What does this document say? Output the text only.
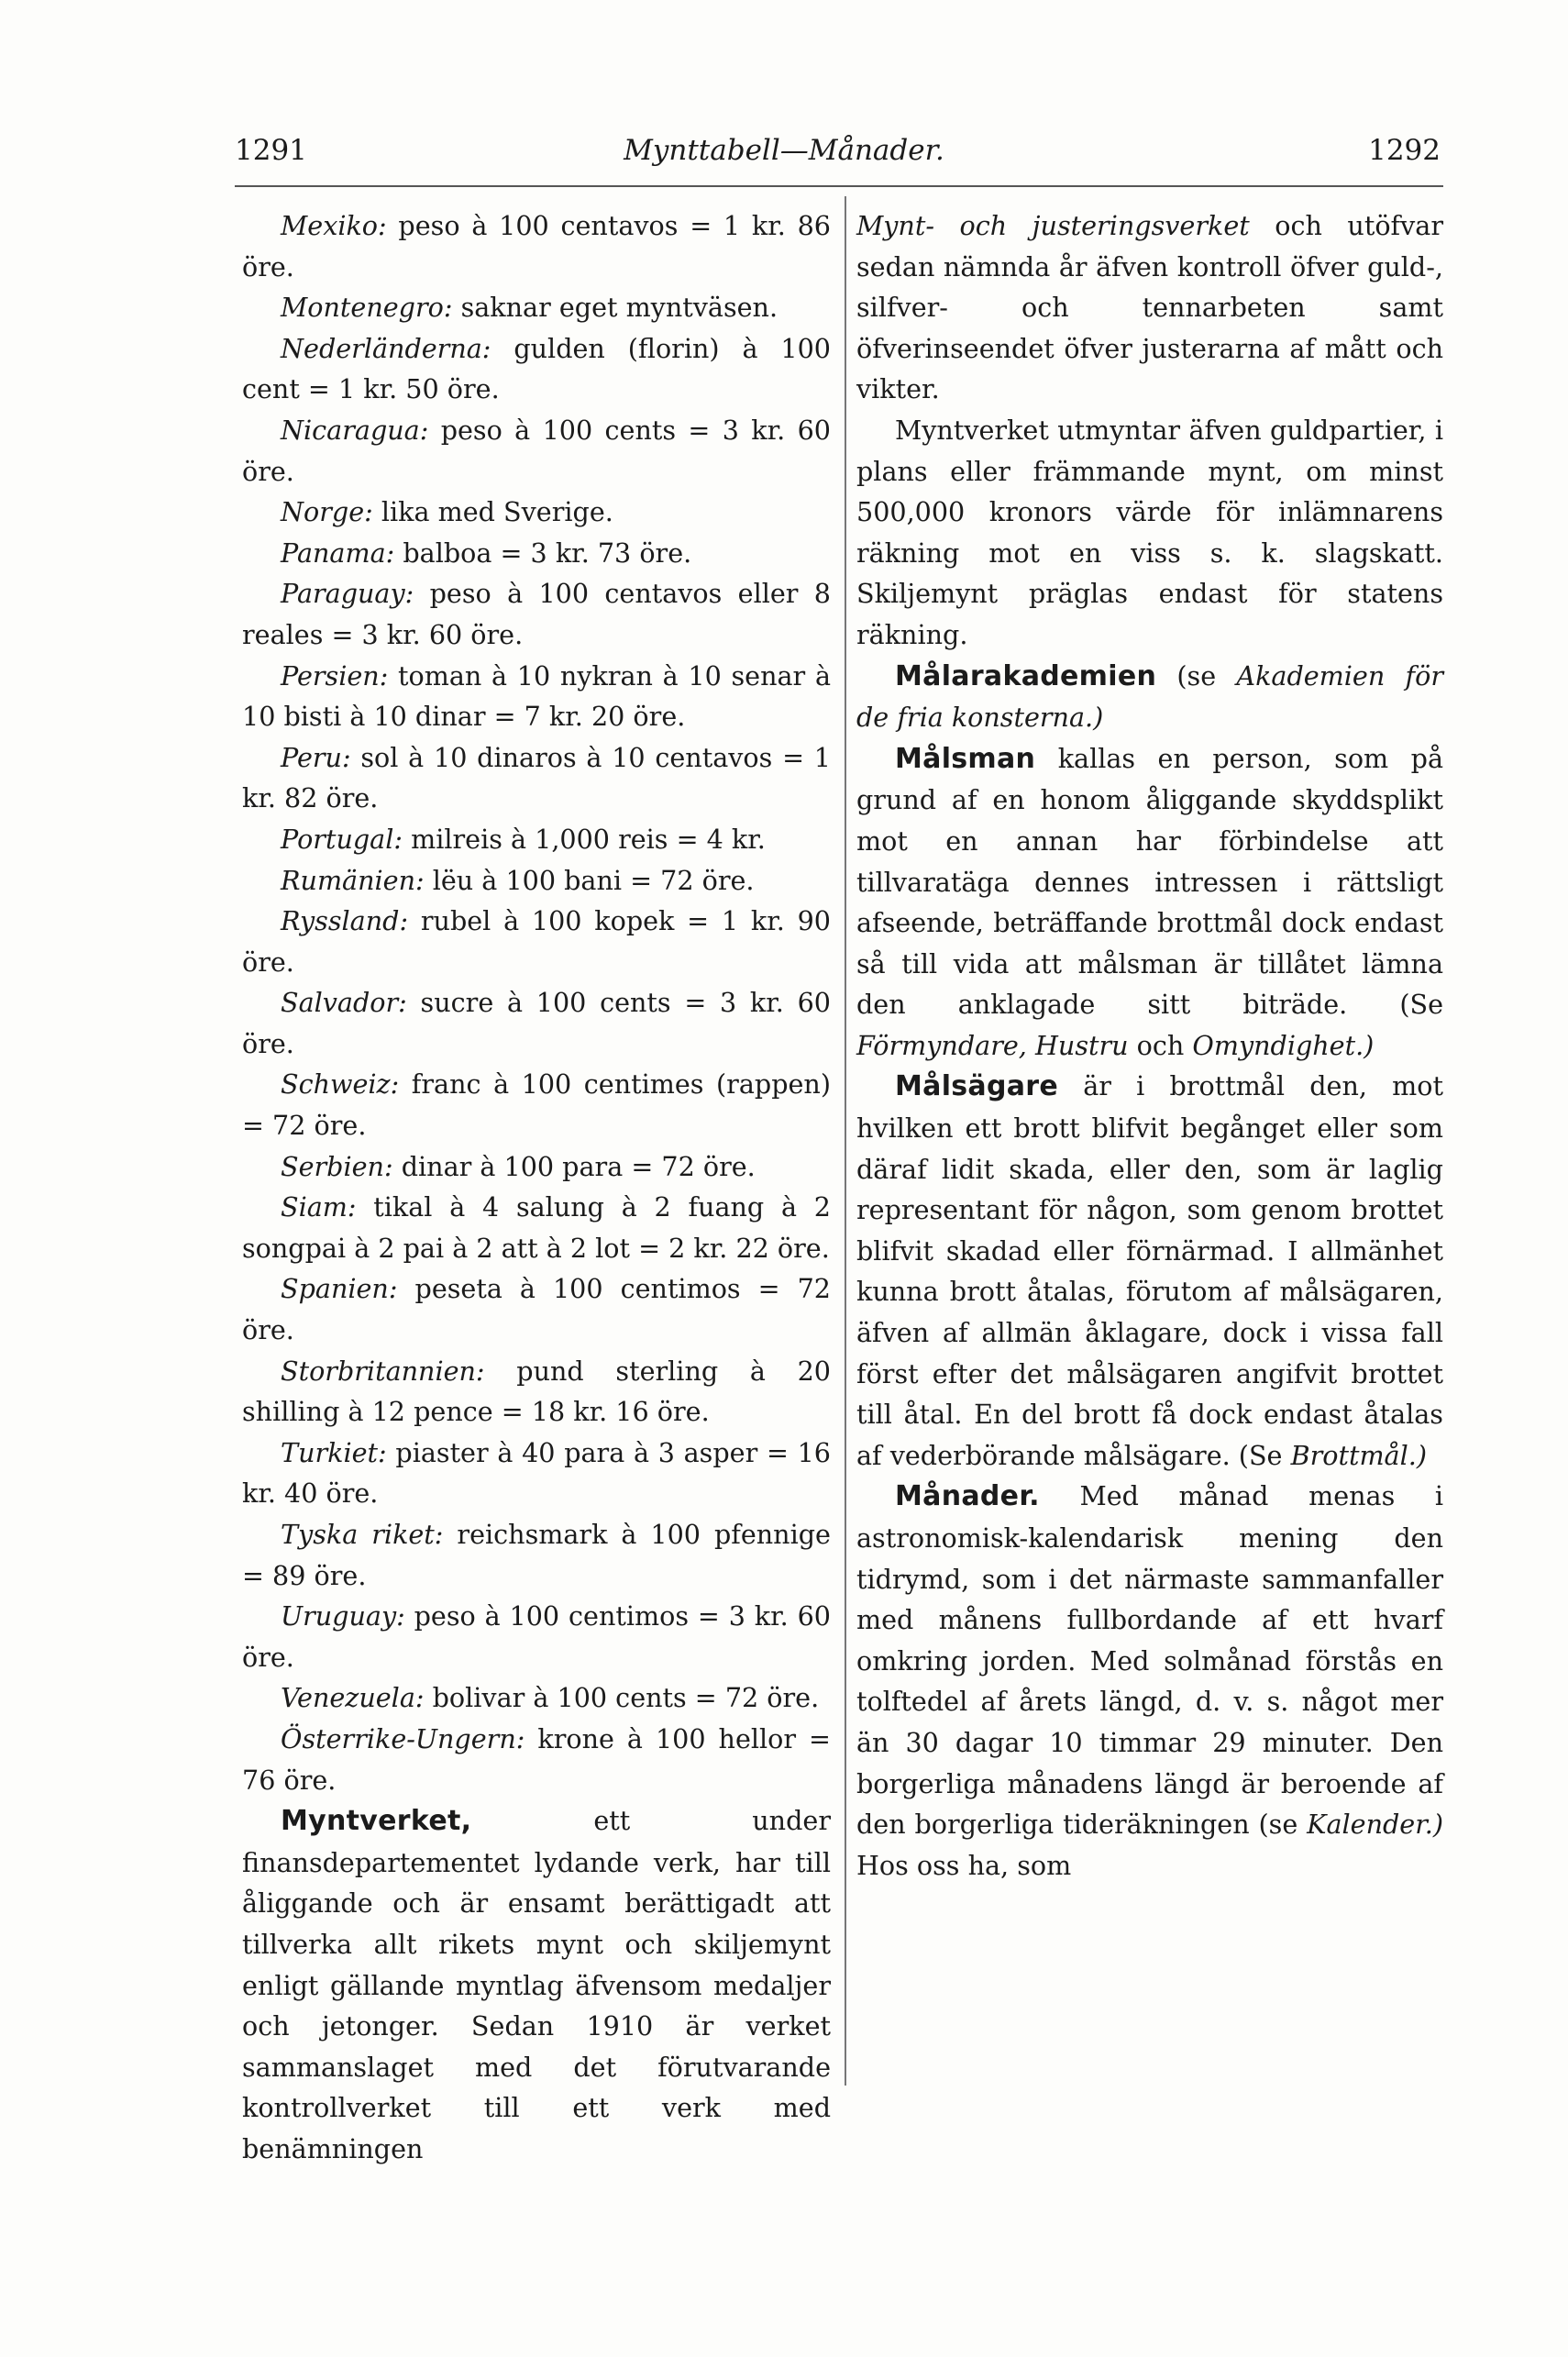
1291	Mynttabell—Månader.	1292

Mexiko: peso à 100 centavos = 1 kr. 86 öre.

Montenegro: saknar eget myntväsen.

Nederländerna: gulden (florin) à 100 cent = 1 kr. 50 öre.

Nicaragua: peso à 100 cents = 3 kr. 60 öre.

Norge: lika med Sverige.

Panama: balboa = 3 kr. 73 öre.

Paraguay: peso à 100 centavos eller 8 reales = 3 kr. 60 öre.

Persien: toman à 10 nykran à 10 senar à 10 bisti à 10 dinar = 7 kr. 20 öre.

Peru: sol à 10 dinaros à 10 centavos = 1 kr. 82 öre.

Portugal: milreis à 1,000 reis = 4 kr.

Rumänien: lëu à 100 bani = 72 öre.

Ryssland: rubel à 100 kopek = 1 kr. 90 öre.

Salvador: sucre à 100 cents = 3 kr. 60 öre.

Schweiz: franc à 100 centimes (rappen) = 72 öre.

Serbien: dinar à 100 para = 72 öre.

Siam: tikal à 4 salung à 2 fuang à 2 songpai à 2 pai à 2 att à 2 lot = 2 kr. 22 öre.

Spanien: peseta à 100 centimos = 72 öre.

Storbritannien: pund sterling à 20 shilling à 12 pence = 18 kr. 16 öre.

Turkiet: piaster à 40 para à 3 asper = 16 kr. 40 öre.

Tyska riket: reichsmark à 100 pfennige = 89 öre.

Uruguay: peso à 100 centimos = 3 kr. 60 öre.

Venezuela: bolivar à 100 cents = 72 öre.

Österrike-Ungern: krone à 100 hellor = 76 öre.

Myntverket, ett under finansdepartementet lydande verk, har till åliggande och är ensamt berättigadt att tillverka allt rikets mynt och skiljemynt enligt gällande myntlag äfvensom medaljer och jetonger. Sedan 1910 är verket sammanslaget med det förutvarande kontrollverket till ett verk med benämningen

Mynt- och justeringsverket och utöfvar sedan nämnda år äfven kontroll öfver guld-, silfver- och tennarbeten samt öfverinseendet öfver justerarna af mått och vikter.

Myntverket utmyntar äfven guldpartier, i plans eller främmande mynt, om minst 500,000 kronors värde för inlämnarens räkning mot en viss s. k. slagskatt. Skiljemynt präglas endast för statens räkning.

Målarakademien (se Akademien för de fria konsterna.)

Målsman kallas en person, som på grund af en honom åliggande skyddsplikt mot en annan har förbindelse att tillvaratäga dennes intressen i rättsligt afseende, beträffande brottmål dock endast så till vida att målsman är tillåtet lämna den anklagade sitt biträde. (Se Förmyndare, Hustru och Omyndighet.)

Målsägare är i brottmål den, mot hvilken ett brott blifvit begånget eller som däraf lidit skada, eller den, som är laglig representant för någon, som genom brottet blifvit skadad eller förnärmad. I allmänhet kunna brott åtalas, förutom af målsägaren, äfven af allmän åklagare, dock i vissa fall först efter det målsägaren angifvit brottet till åtal. En del brott få dock endast åtalas af vederbörande målsägare. (Se Brottmål.)

Månader. Med månad menas i astronomisk-kalendarisk mening den tidrymd, som i det närmaste sammanfaller med månens fullbordande af ett hvarf omkring jorden. Med solmånad förstås en tolftedel af årets längd, d. v. s. något mer än 30 dagar 10 timmar 29 minuter. Den borgerliga månadens längd är beroende af den borgerliga tideräkningen (se Kalender.) Hos oss ha, som
